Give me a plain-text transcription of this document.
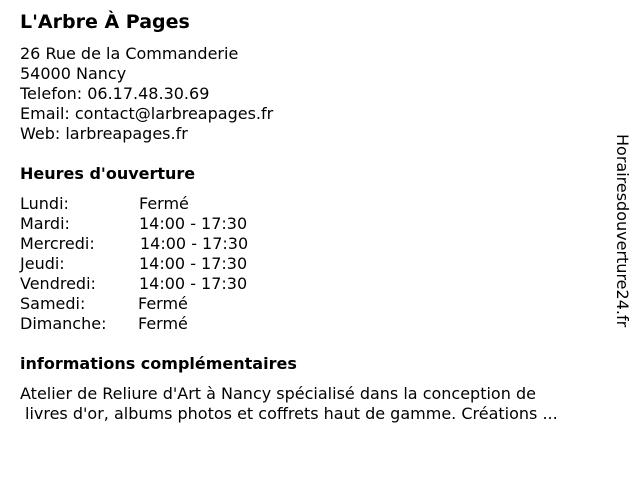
L'Arbre À Pages
26 Rue de la Commanderie
54000 Nancy
Telefon: 06.17.48.30.69
Email: contact@larbreapages.fr
Web: larbreapages.fr
Heures d'ouverture
Lundi:	Fermé
Mardi:	14:00 - 17:30
Mercredi:	14:00 - 17:30
Jeudi:	14:00 - 17:30
Vendredi:	14:00 - 17:30
Samedi:	Fermé
Dimanche: Fermé
informations complémentaires
Atelier de Reliure d'Art à Nancy spécialisé dans la conception de
livres d'or, albums photos et coffrets haut de gamme. Créations ...
Horairesdouverture24.fr
